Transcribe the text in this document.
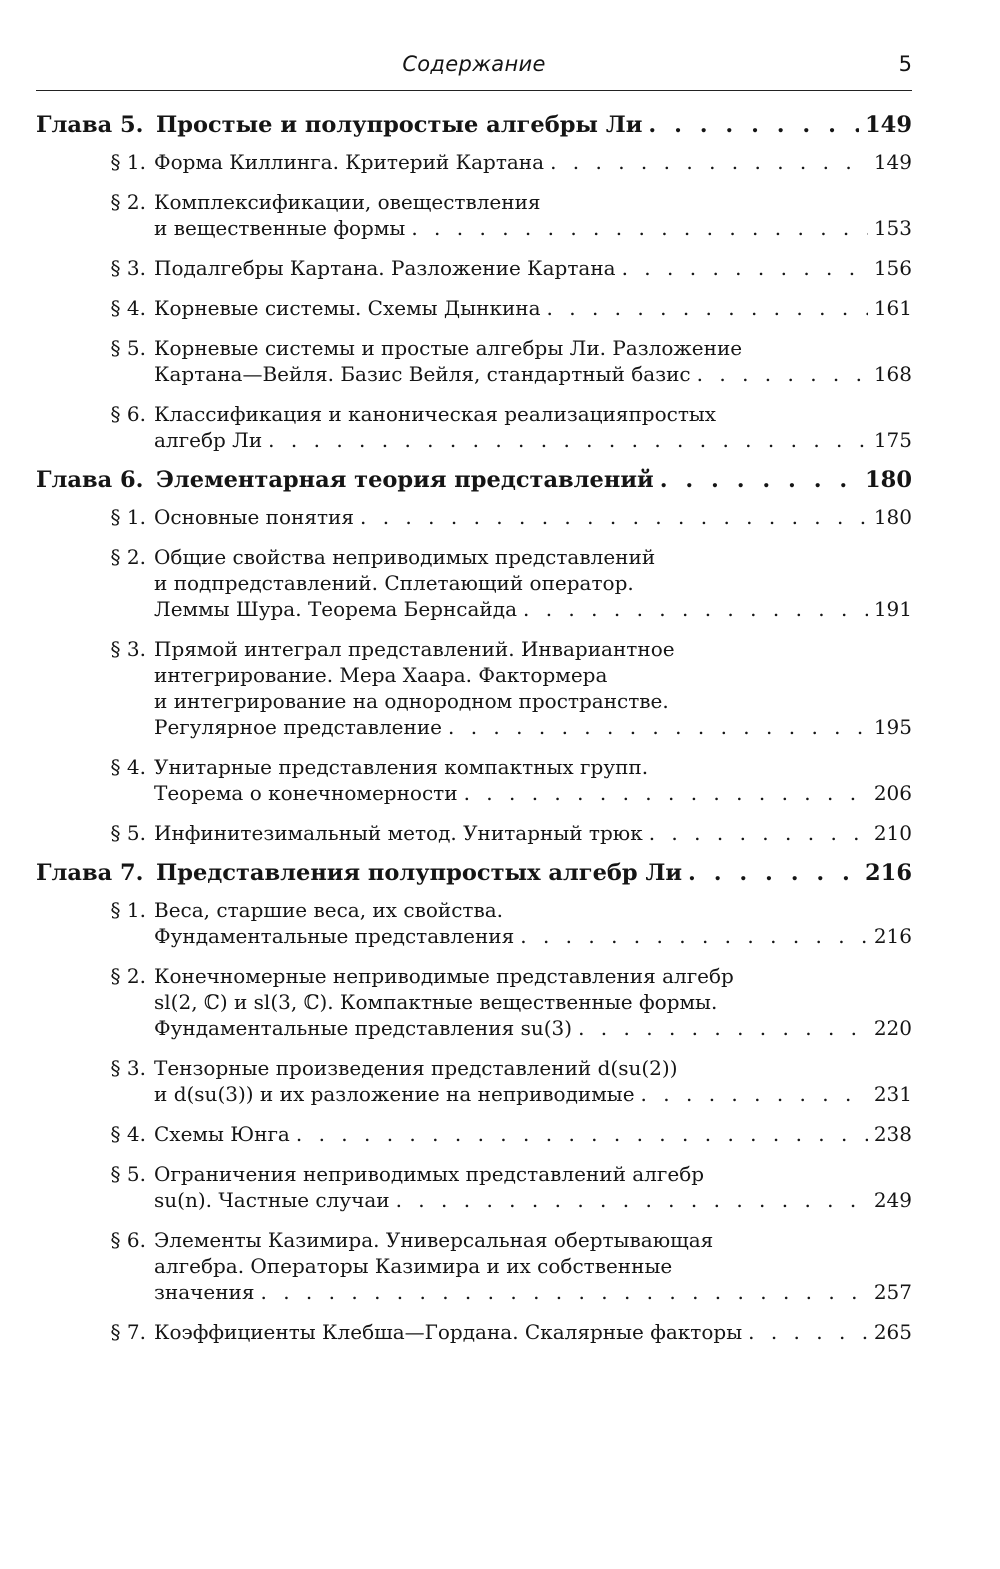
Содержание	5
Глава 5. Простые и полупростые алгебры Ли . . .	149
§ 1. Форма Киллинга. Критерий Картана . . .	149
§ 2. Комплексификации, овеществления
и вещественные формы . . .	153
§ 3. Подалгебры Картана. Разложение Картана . . .	156
§ 4. Корневые системы. Схемы Дынкина . . .	161
§ 5. Корневые системы и простые алгебры Ли. Разложение
Картана—Вейля. Базис Вейля, стандартный базис . . .	168
§ 6. Классификация и каноническая реализацияпростых
алгебр Ли . . .	175
Глава 6. Элементарная теория представлений . . .	180
§ 1. Основные понятия . . .	180
§ 2. Общие свойства неприводимых представлений
и подпредставлений. Сплетающий оператор.
Леммы Шура. Теорема Бернсайда . . .	191
§ 3. Прямой интеграл представлений. Инвариантное
интегрирование. Мера Хаара. Фактормера
и интегрирование на однородном пространстве.
Регулярное представление . . .	195
§ 4. Унитарные представления компактных групп.
Теорема о конечномерности . . .	206
§ 5. Инфинитезимальный метод. Унитарный трюк . . .	210
Глава 7. Представления полупростых алгебр Ли . . .	216
§ 1. Веса, старшие веса, их свойства.
Фундаментальные представления . . .	216
§ 2. Конечномерные неприводимые представления алгебр
sl(2, ℂ) и sl(3, ℂ). Компактные вещественные формы.
Фундаментальные представления su(3) . . .	220
§ 3. Тензорные произведения представлений d(su(2))
и d(su(3)) и их разложение на неприводимые . . .	231
§ 4. Схемы Юнга . . .	238
§ 5. Ограничения неприводимых представлений алгебр
su(n). Частные случаи . . .	249
§ 6. Элементы Казимира. Универсальная обертывающая
алгебра. Операторы Казимира и их собственные
значения . . .	257
§ 7. Коэффициенты Клебша—Гордана. Скалярные факторы . . .	265
